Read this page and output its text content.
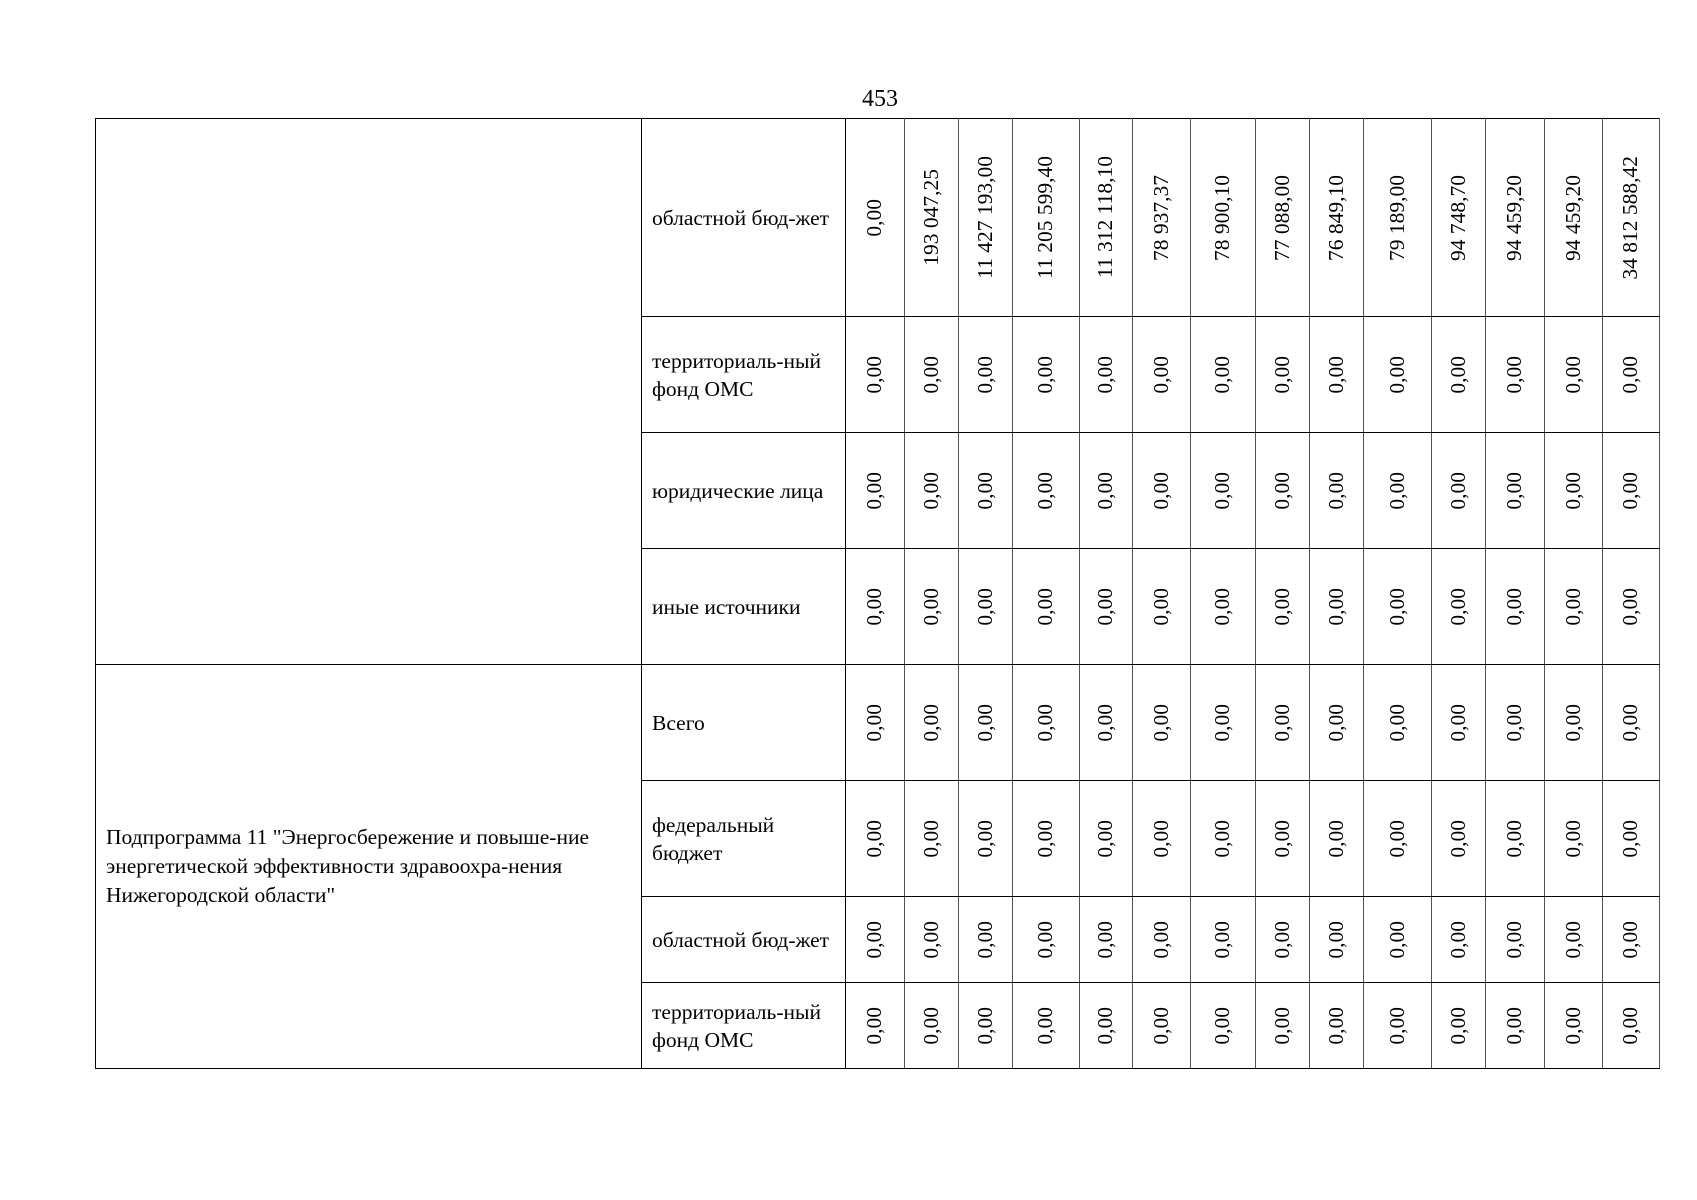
453
	областной бюд-жет	0,00	193 047,25	11 427 193,00	11 205 599,40	11 312 118,10	78 937,37	78 900,10	77 088,00	76 849,10	79 189,00	94 748,70	94 459,20	94 459,20	34 812 588,42

	территориаль-ный фонд ОМС	0,00	0,00	0,00	0,00	0,00	0,00	0,00	0,00	0,00	0,00	0,00	0,00	0,00	0,00

	юридические лица	0,00	0,00	0,00	0,00	0,00	0,00	0,00	0,00	0,00	0,00	0,00	0,00	0,00	0,00

	иные источники	0,00	0,00	0,00	0,00	0,00	0,00	0,00	0,00	0,00	0,00	0,00	0,00	0,00	0,00

Подпрограмма 11 "Энергосбережение и повыше-ние энергетической эффективности здравоохра-нения Нижегородской области"	Всего	0,00	0,00	0,00	0,00	0,00	0,00	0,00	0,00	0,00	0,00	0,00	0,00	0,00	0,00

	федеральный бюджет	0,00	0,00	0,00	0,00	0,00	0,00	0,00	0,00	0,00	0,00	0,00	0,00	0,00	0,00

	областной бюд-жет	0,00	0,00	0,00	0,00	0,00	0,00	0,00	0,00	0,00	0,00	0,00	0,00	0,00	0,00

	территориаль-ный фонд ОМС	0,00	0,00	0,00	0,00	0,00	0,00	0,00	0,00	0,00	0,00	0,00	0,00	0,00	0,00
